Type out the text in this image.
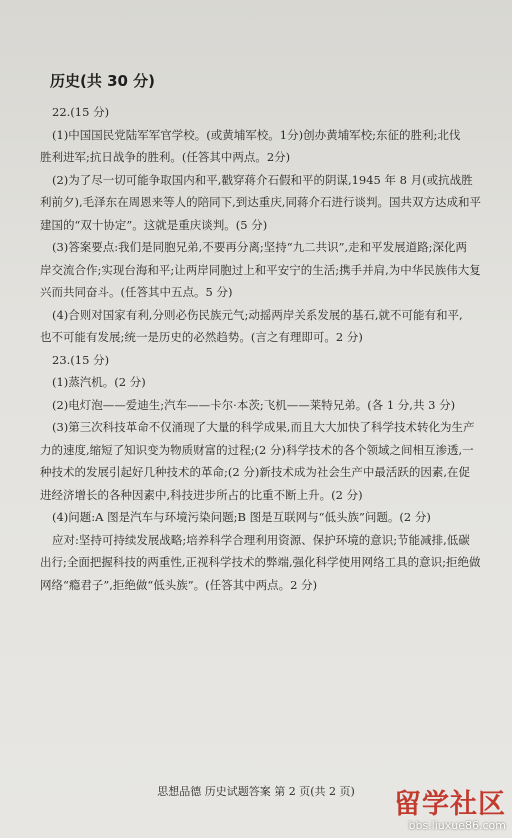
历史(共 30 分)
22.(15 分)
(1)中国国民党陆军军官学校。(或黄埔军校。1分)创办黄埔军校;东征的胜利;北伐
胜利进军;抗日战争的胜利。(任答其中两点。2分)
(2)为了尽一切可能争取国内和平,戳穿蒋介石假和平的阴谋,1945 年 8 月(或抗战胜
利前夕),毛泽东在周恩来等人的陪同下,到达重庆,同蒋介石进行谈判。国共双方达成和平
建国的“双十协定”。这就是重庆谈判。(5 分)
(3)答案要点:我们是同胞兄弟,不要再分离;坚持“九二共识”,走和平发展道路;深化两
岸交流合作;实现台海和平;让两岸同胞过上和平安宁的生活;携手并肩,为中华民族伟大复
兴而共同奋斗。(任答其中五点。5 分)
(4)合则对国家有利,分则必伤民族元气;动摇两岸关系发展的基石,就不可能有和平,
也不可能有发展;统一是历史的必然趋势。(言之有理即可。2 分)
23.(15 分)
(1)蒸汽机。(2 分)
(2)电灯泡——爱迪生;汽车——卡尔·本茨;飞机——莱特兄弟。(各 1 分,共 3 分)
(3)第三次科技革命不仅涌现了大量的科学成果,而且大大加快了科学技术转化为生产
力的速度,缩短了知识变为物质财富的过程;(2 分)科学技术的各个领域之间相互渗透,一
种技术的发展引起好几种技术的革命;(2 分)新技术成为社会生产中最活跃的因素,在促
进经济增长的各种因素中,科技进步所占的比重不断上升。(2 分)
(4)问题:A 图是汽车与环境污染问题;B 图是互联网与“低头族”问题。(2 分)
应对:坚持可持续发展战略;培养科学合理利用资源、保护环境的意识;节能减排,低碳
出行;全面把握科技的两重性,正视科学技术的弊端,强化科学使用网络工具的意识;拒绝做
网络“瘾君子”,拒绝做“低头族”。(任答其中两点。2 分)
思想品德 历史试题答案 第 2 页(共 2 页)	留学社区
bbs.liuxue86.com
